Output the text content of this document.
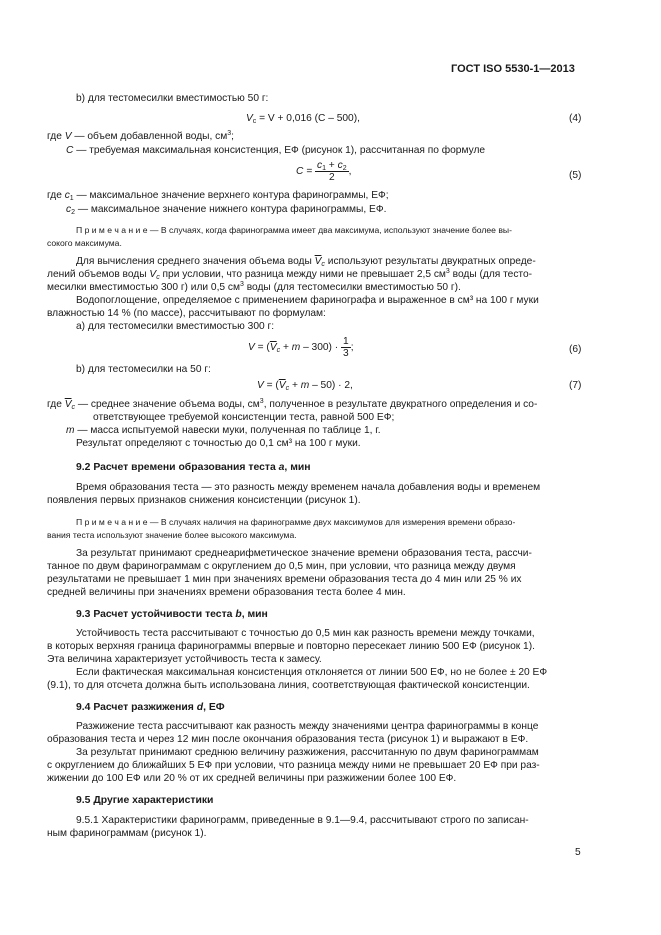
ГОСТ ISO 5530-1—2013
b) для тестомесилки вместимостью 50 г:
$V_c = V + 0,016$ (C – 500),	(4)
где V — объем добавленной воды, $см^3$;
C — требуемая максимальная консистенция, ЕФ (рисунок 1), рассчитанная по формуле
$C = \frac{c_1 + c_2}{2}$ ,	(5)
где $c_1$ — максимальное значение верхнего контура фаринограммы, ЕФ;
$c_2$ — максимальное значение нижнего контура фаринограммы, ЕФ.
П р и м е ч а н и е — В случаях, когда фаринограмма имеет два максимума, используют значение более вы-
сокого максимума.
Для вычисления среднего значения объема воды $\overline{V}_c$ используют результаты двукратных опреде-
лений объемов воды $V_c$ при условии, что разница между ними не превышает 2,5 $см^3$ воды (для тесто-
месилки вместимостью 300 г) или 0,5 $см^3$ воды (для тестомесилки вместимостью 50 г).
Водопоглощение, определяемое с применением фаринографа и выраженное в см³ на 100 г муки
влажностью 14 % (по массе), рассчитывают по формулам:
а) для тестомесилки вместимостью 300 г:
$V = (\overline{V}_c + m - 300) \cdot \frac{1}{3}$ ;	(6)
b) для тестомесилки на 50 г:
$V = (\overline{V}_c + m - 50) \cdot 2$,	(7)
где $\overline{V}_c$ — среднее значение объема воды, $см^3$, полученное в результате двукратного определения и со-
ответствующее требуемой консистенции теста, равной 500 ЕФ;
m — масса испытуемой навески муки, полученная по таблице 1, г.
Результат определяют с точностью до 0,1 см³ на 100 г муки.
9.2 Расчет времени образования теста a, мин
Время образования теста — это разность между временем начала добавления воды и временем
появления первых признаков снижения консистенции (рисунок 1).
П р и м е ч а н и е — В случаях наличия на фаринограмме двух максимумов для измерения времени образо-
вания теста используют значение более высокого максимума.
За результат принимают среднеарифметическое значение времени образования теста, рассчи-
танное по двум фаринограммам с округлением до 0,5 мин, при условии, что разница между двумя
результатами не превышает 1 мин при значениях времени образования теста до 4 мин или 25 % их
средней величины при значениях времени образования теста более 4 мин.
9.3 Расчет устойчивости теста b, мин
Устойчивость теста рассчитывают с точностью до 0,5 мин как разность времени между точками,
в которых верхняя граница фаринограммы впервые и повторно пересекает линию 500 ЕФ (рисунок 1).
Эта величина характеризует устойчивость теста к замесу.
Если фактическая максимальная консистенция отклоняется от линии 500 ЕФ, но не более ± 20 ЕФ
(9.1), то для отсчета должна быть использована линия, соответствующая фактической консистенции.
9.4 Расчет разжижения d, ЕФ
Разжижение теста рассчитывают как разность между значениями центра фаринограммы в конце
образования теста и через 12 мин после окончания образования теста (рисунок 1) и выражают в ЕФ.
За результат принимают среднюю величину разжижения, рассчитанную по двум фаринограммам
с округлением до ближайших 5 ЕФ при условии, что разница между ними не превышает 20 ЕФ при раз-
жижении до 100 ЕФ или 20 % от их средней величины при разжижении более 100 ЕФ.
9.5 Другие характеристики
9.5.1 Характеристики фаринограмм, приведенные в 9.1—9.4, рассчитывают строго по записан-
ным фаринограммам (рисунок 1).
5
